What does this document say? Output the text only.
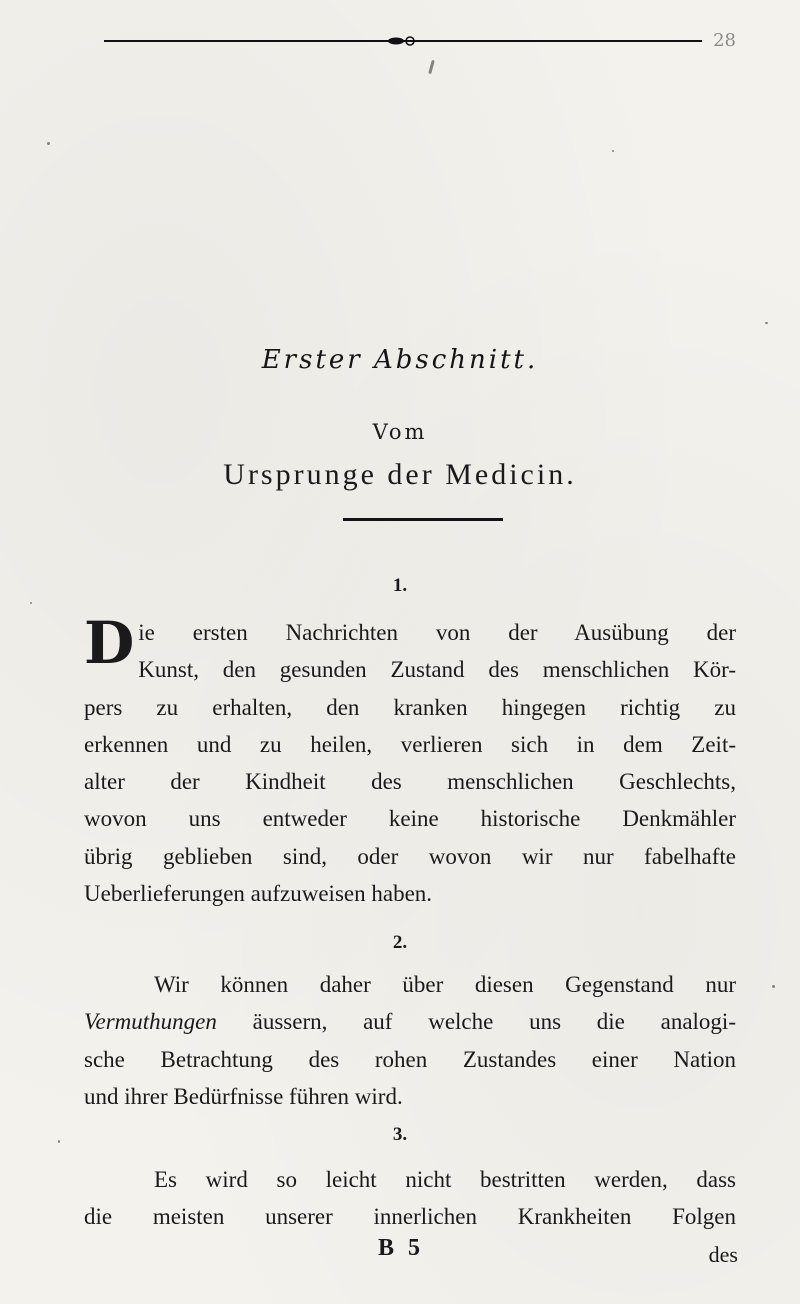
28
Erster Abschnitt.
Vom
Ursprunge der Medicin.
1.
D ie ersten Nachrichten von der Ausübung der
Kunst, den gesunden Zustand des menschlichen Kör-
pers zu erhalten, den kranken hingegen richtig zu
erkennen und zu heilen, verlieren sich in dem Zeit-
alter der Kindheit des menschlichen Geschlechts,
wovon uns entweder keine historische Denkmähler
übrig geblieben sind, oder wovon wir nur fabelhafte
Ueberlieferungen aufzuweisen haben.
2.
Wir können daher über diesen Gegenstand nur
Vermuthungen äussern, auf welche uns die analogi-
sche Betrachtung des rohen Zustandes einer Nation
und ihrer Bedürfnisse führen wird.
3.
Es wird so leicht nicht bestritten werden, dass
die meisten unserer innerlichen Krankheiten Folgen
B 5	des
